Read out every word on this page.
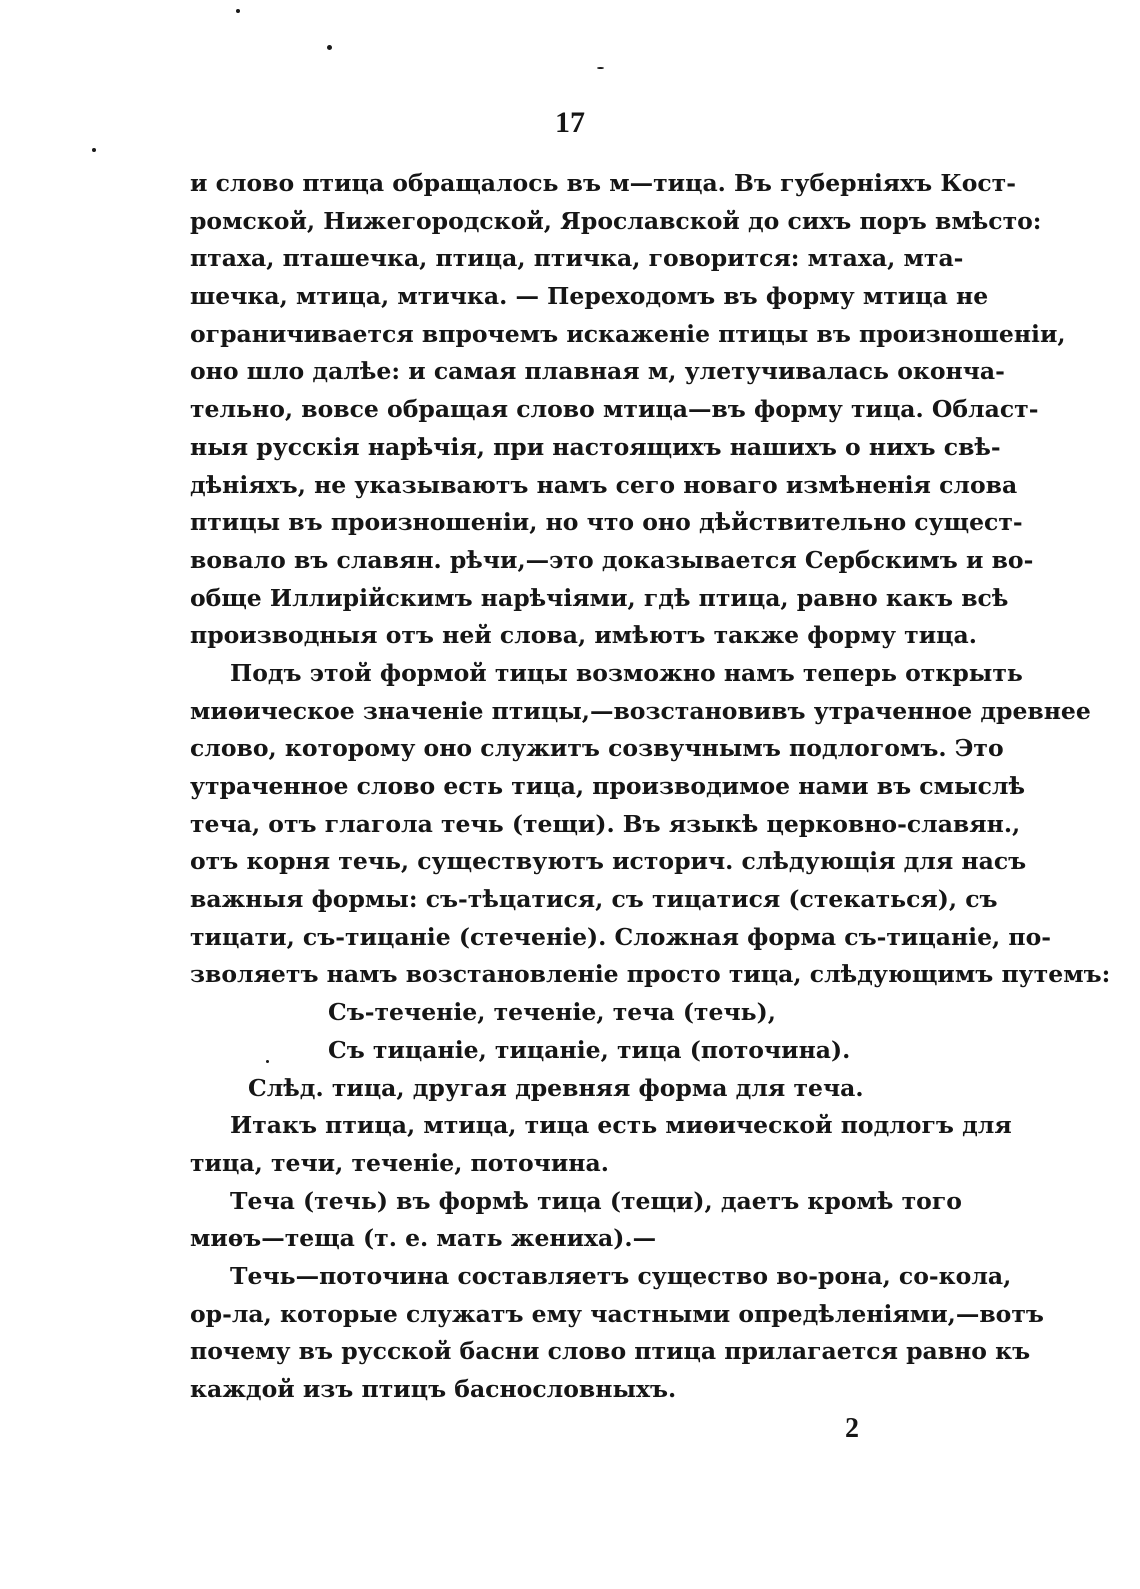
17
и слово птица обращалось въ м—тица. Въ губерніяхъ Кост-
ромской, Нижегородской, Ярославской до сихъ поръ вмѣсто:
птаха, пташечка, птица, птичка, говорится: мтаха, мта-
шечка, мтица, мтичка. — Переходомъ въ форму мтица не
ограничивается впрочемъ искаженіе птицы въ произношеніи,
оно шло далѣе: и самая плавная м, улетучивалась оконча-
тельно, вовсе обращая слово мтица—въ форму тица. Област-
ныя русскія нарѣчія, при настоящихъ нашихъ о нихъ свѣ-
дѣніяхъ, не указываютъ намъ сего новаго измѣненія слова
птицы въ произношеніи, но что оно дѣйствительно сущест-
вовало въ славян. рѣчи,—это доказывается Сербскимъ и во-
обще Иллирійскимъ нарѣчіями, гдѣ птица, равно какъ всѣ
производныя отъ ней слова, имѣютъ также форму тица.
Подъ этой формой тицы возможно намъ теперь открыть
миѳическое значеніе птицы,—возстановивъ утраченное древнее
слово, которому оно служитъ созвучнымъ подлогомъ. Это
утраченное слово есть тица, производимое нами въ смыслѣ
теча, отъ глагола течь (тещи). Въ языкѣ церковно-славян.,
отъ корня течь, существуютъ историч. слѣдующія для насъ
важныя формы: съ-тѣцатися, съ тицатися (стекаться), съ
тицати, съ-тицаніе (стеченіе). Сложная форма съ-тицаніе, по-
зволяетъ намъ возстановленіе просто тица, слѣдующимъ путемъ:
Съ-теченіе, теченіе, теча (течь),
Съ тицаніе, тицаніе, тица (поточина).
Слѣд. тица, другая древняя форма для теча.
Итакъ птица, мтица, тица есть миѳической подлогъ для
тица, течи, теченіе, поточина.
Теча (течь) въ формѣ тица (тещи), даетъ кромѣ того
миѳъ—теща (т. е. мать жениха).—
Течь—поточина составляетъ существо во-рона, со-кола,
ор-ла, которые служатъ ему частными опредѣленіями,—вотъ
почему въ русской басни слово птица прилагается равно къ
каждой изъ птицъ баснословныхъ.
2
